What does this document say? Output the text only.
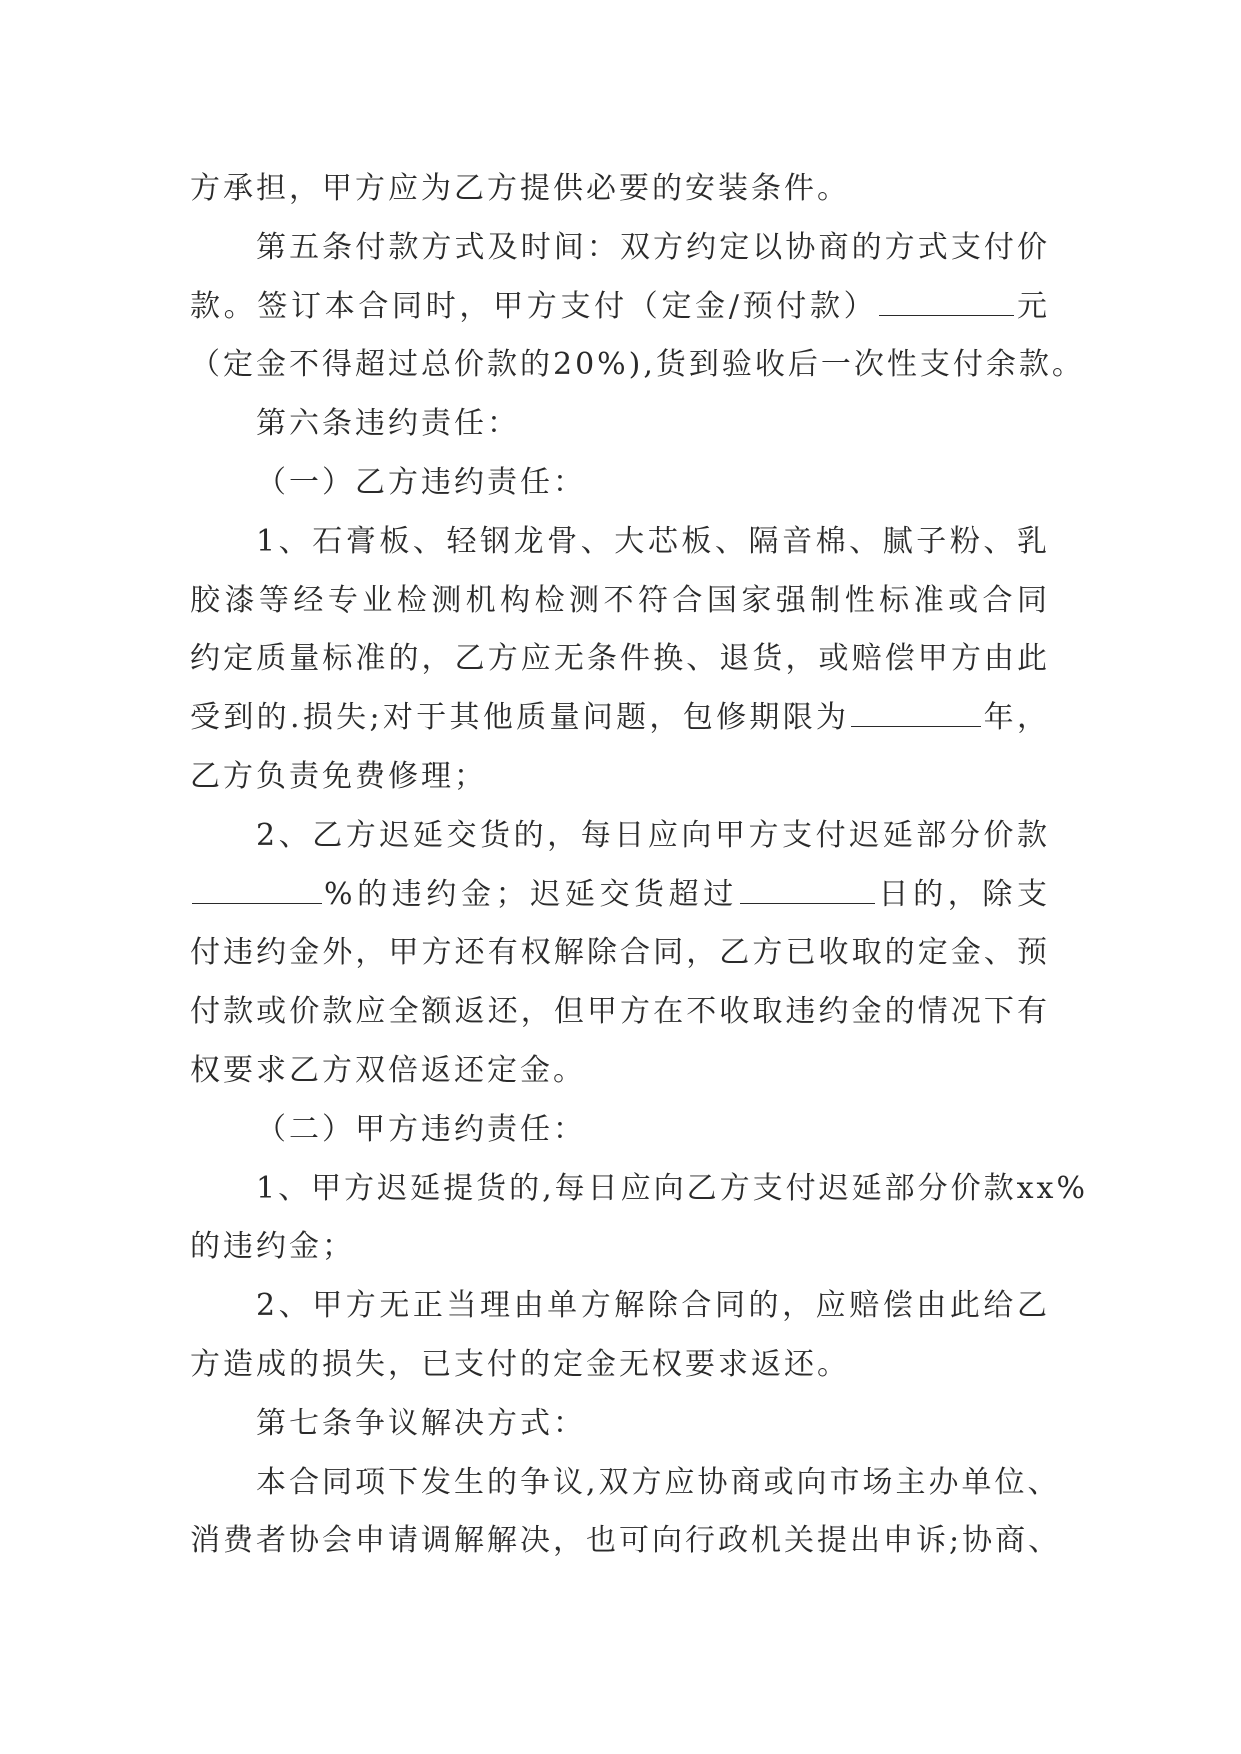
方承担，甲方应为乙方提供必要的安装条件。
第五条付款方式及时间：双方约定以协商的方式支付价
款。签订本合同时，甲方支付（定金/预付款）	元
（定金不得超过总价款的20%),货到验收后一次性支付余款。
第六条违约责任：
（一）乙方违约责任：
1、石膏板、轻钢龙骨、大芯板、隔音棉、腻子粉、乳
胶漆等经专业检测机构检测不符合国家强制性标准或合同
约定质量标准的，乙方应无条件换、退货，或赔偿甲方由此
受到的.损失;对于其他质量问题，包修期限为	年，
乙方负责免费修理；
2、乙方迟延交货的，每日应向甲方支付迟延部分价款
%的违约金；迟延交货超过	日的，除支
付违约金外，甲方还有权解除合同，乙方已收取的定金、预
付款或价款应全额返还，但甲方在不收取违约金的情况下有
权要求乙方双倍返还定金。
（二）甲方违约责任：
1、甲方迟延提货的,每日应向乙方支付迟延部分价款xx%
的违约金；
2、甲方无正当理由单方解除合同的，应赔偿由此给乙
方造成的损失，已支付的定金无权要求返还。
第七条争议解决方式：
本合同项下发生的争议,双方应协商或向市场主办单位、
消费者协会申请调解解决，也可向行政机关提出申诉;协商、
